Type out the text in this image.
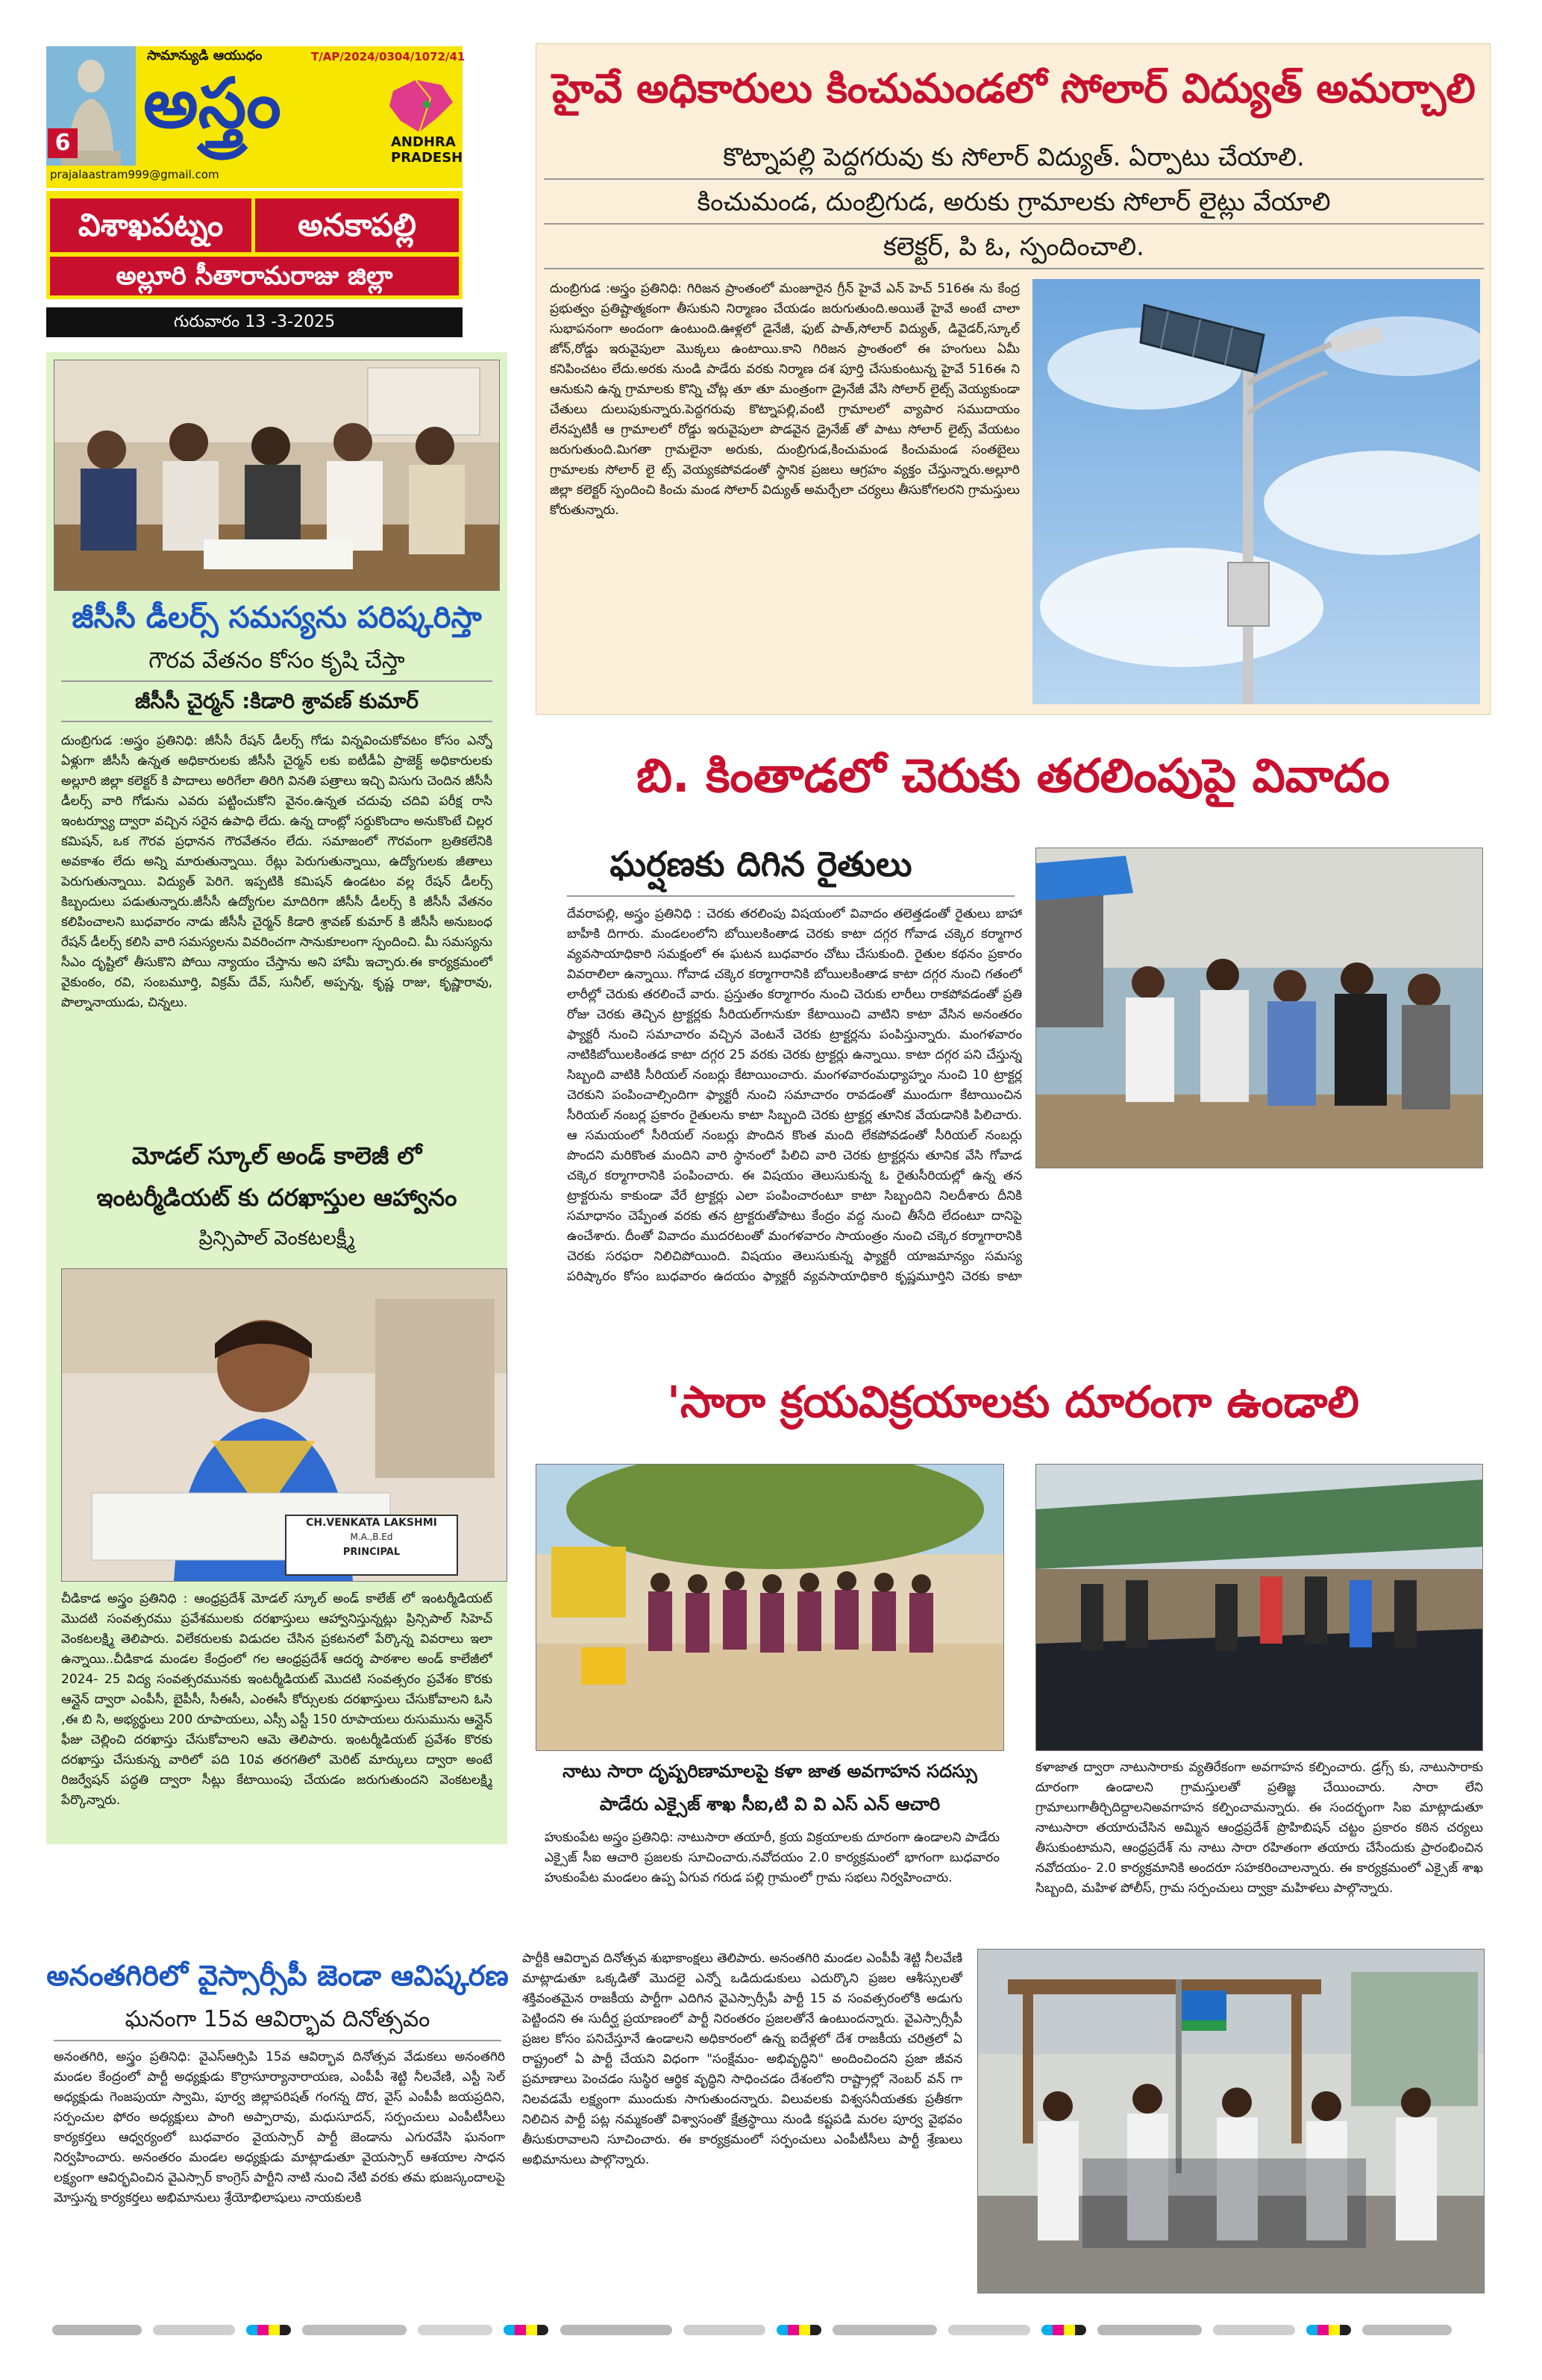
సామాన్యుడి ఆయుధం	T/AP/2024/0304/1072/41
అస్త్రం	ANDHRA PRADESH
6
prajalaastram999@gmail.com
విశాఖపట్నం	అనకాపల్లి
అల్లూరి సీతారామరాజు జిల్లా
గురువారం 13 -3-2025
హైవే అధికారులు కించుమండలో సోలార్ విద్యుత్ అమర్చాలి
కొట్నాపల్లి పెద్దగరువు కు సోలార్ విద్యుత్. ఏర్పాటు చేయాలి.
కించుమండ, దుంబ్రిగుడ, అరుకు గ్రామాలకు సోలార్ లైట్లు వేయాలి
కలెక్టర్, పి ఓ, స్పందించాలి.
దుంబ్రిగుడ :అస్త్రం ప్రతినిధి: గిరిజన ప్రాంతంలో మంజూరైన గ్రీన్ హైవే ఎన్ హెచ్ 516ఈ ను కేంద్ర ప్రభుత్వం ప్రతిష్టాత్మకంగా తీసుకుని నిర్మాణం చేయడం జరుగుతుంది.అయితే హైవే అంటే చాలా సుభాపనంగా అందంగా ఉంటుంది.ఊళ్లలో డైనేజీ, ఫుట్ పాత్,సోలార్ విద్యుత్, డివైడర్,స్కూల్ జోన్,రోడ్డు ఇరువైపులా మొక్కలు ఉంటాయి.కాని గిరిజన ప్రాంతంలో ఈ హంగులు ఏమీ కనిపించటం లేదు.అరకు నుండి పాడేరు వరకు నిర్మాణ దశ పూర్తి చేసుకుంటున్న హైవే 516ఈ ని ఆనుకుని ఉన్న గ్రామాలకు కొన్ని చోట్ల తూ తూ మంత్రంగా డ్రైనేజీ వేసి సోలార్ లైట్స్ వెయ్యకుండా చేతులు దులుపుకున్నారు.పెద్దగరువు కొట్నాపల్లి,వంటి గ్రామాలలో వ్యాపార సముదాయం లేనప్పటికీ ఆ గ్రామాలలో రోడ్డు ఇరువైపులా పొడవైన డ్రైనేజ్ తో పాటు సోలార్ లైట్స్ వేయటం జరుగుతుంది.మిగతా గ్రామలైనా అరుకు, దుంబ్రిగుడ,కించుమండ కించుమండ సంతబైలు గ్రామాలకు సోలార్ లై ట్స్ వెయ్యకపోవడంతో స్థానిక ప్రజలు ఆగ్రహం వ్యక్తం చేస్తున్నారు.అల్లూరి జిల్లా కలెక్టర్ స్పందించి కించు మండ సోలార్ విద్యుత్ అమర్చేలా చర్యలు తీసుకోగలరని గ్రామస్తులు కోరుతున్నారు.
జీసీసీ డీలర్స్ సమస్యను పరిష్కరిస్తా
గౌరవ వేతనం కోసం కృషి చేస్తా
జీసీసీ చైర్మన్ :కిడారి శ్రావణ్ కుమార్
దుంబ్రిగుడ :అస్త్రం ప్రతినిధి: జీసీసీ రేషన్ డీలర్స్ గోడు విన్నవించుకోవటం కోసం ఎన్నో ఏళ్లుగా జీసీసీ ఉన్నత అధికారులకు జీసీసీ చైర్మన్ లకు ఐటీడీఏ ప్రాజెక్ట్ అధికారులకు అల్లూరి జిల్లా కలెక్టర్ కి పాదాలు అరిగేలా తిరిగి వినతి పత్రాలు ఇచ్చి విసుగు చెందిన జీసీసీ డీలర్స్ వారి గోడును ఎవరు పట్టించుకోని వైనం.ఉన్నత చదువు చదివి పరీక్ష రాసి ఇంటర్వ్యూ ద్వారా వచ్చిన సరైన ఉపాధి లేదు. ఉన్న దాంట్లో సర్దుకొందాం అనుకొంటే చిల్లర కమిషన్, ఒక గౌరవ ప్రధానన గౌరవేతనం లేదు. సమాజంలో గౌరవంగా బ్రతికలేనికి అవకాశం లేదు అన్ని మారుతున్నాయి. రేట్లు పెరుగుతున్నాయి, ఉద్యోగులకు జీతాలు పెరుగుతున్నాయి. విద్యుత్ పెరిగె. ఇప్పటికి కమిషన్ ఉండటం వల్ల రేషన్ డీలర్స్ కిబ్బందులు పడుతున్నారు.జీసీసీ ఉద్యోగుల మాదిరిగా జీసీసీ డీలర్స్ కి జీసీసీ వేతనం కలిపించాలని బుధవారం నాడు జీసీసీ చైర్మన్ కిడారి శ్రావణ్ కుమార్ కి జీసీసీ అనుబంధ రేషన్ డీలర్స్ కలిసి వారి సమస్యలను వివరించగా సానుకూలంగా స్పందించి. మీ సమస్యను సీఎం దృష్టిలో తీసుకొని పోయి న్యాయం చేస్తాను అని హామీ ఇచ్చారు.ఈ కార్యక్రమంలో వైకుంఠం, రవి, సంబమూర్తి, విక్రమ్ దేవ్, సునీల్, అప్పన్న, కృష్ణ రాజు, కృష్ణారావు, పొల్నానాయుడు, చిన్నలు.
మోడల్ స్కూల్ అండ్ కాలెజీ లో
ఇంటర్మీడియట్ కు దరఖాస్తుల ఆహ్వానం
ప్రిన్సిపాల్ వెంకటలక్ష్మీ
CH.VENKATA LAKSHMI
M.A.,B.Ed
PRINCIPAL
చీడికాడ అస్త్రం ప్రతినిధి : ఆంధ్రప్రదేశ్ మోడల్ స్కూల్ అండ్ కాలేజ్ లో ఇంటర్మీడియట్ మొదటి సంవత్సరము ప్రవేశములకు దరఖాస్తులు ఆహ్వానిస్తున్నట్లు ప్రిన్సిపాల్ సిహెచ్ వెంకటలక్ష్మి తెలిపారు. విలేకరులకు విడుదల చేసిన ప్రకటనలో పేర్కొన్న వివరాలు ఇలా ఉన్నాయి..చీడికాడ మండల కేంద్రంలో గల ఆంధ్రప్రదేశ్ ఆదర్శ పాఠశాల అండ్ కాలేజీలో 2024- 25 విద్య సంవత్సరమునకు ఇంటర్మీడియట్ మొదటి సంవత్సరం ప్రవేశం కొరకు ఆన్లైన్ ద్వారా ఎంపీసీ, బైపీసీ, సీఈసీ, ఎంఈసీ కోర్సులకు దరఖాస్తులు చేసుకోవాలని ఓసి ,ఈ బి సి, అభ్యర్థులు 200 రూపాయలు, ఎస్సీ ఎస్టీ 150 రూపాయలు రుసుమును ఆన్లైన్ ఫీజు చెల్లించి దరఖాస్తు చేసుకోవాలని ఆమె తెలిపారు. ఇంటర్మీడియట్ ప్రవేశం కొరకు దరఖాస్తు చేసుకున్న వారిలో పది 10వ తరగతిలో మెరిట్ మార్కులు ద్వారా అంటే రిజర్వేషన్ పద్ధతి ద్వారా సీట్లు కేటాయింపు చేయడం జరుగుతుందని వెంకటలక్ష్మి పేర్కొన్నారు.
బి. కింతాడలో చెరుకు తరలింపుపై వివాదం
ఘర్షణకు దిగిన రైతులు
దేవరాపల్లి, అస్త్రం ప్రతినిధి : చెరకు తరలింపు విషయంలో వివాదం తలెత్తడంతో రైతులు బాహా బాహీకి దిగారు. మండలంలోని బోయిలకింతాడ చెరకు కాటా దగ్గర గోవాడ చక్కెర కర్మాగార వ్యవసాయాధికారి సమక్షంలో ఈ ఘటన బుధవారం చోటు చేసుకుంది. రైతుల కథనం ప్రకారం వివరాలిలా ఉన్నాయి. గోవాడ చక్కెర కర్మాగారానికి బోయిలకింతాడ కాటా దగ్గర నుంచి గతంలో లారీల్లో చెరుకు తరలించే వారు. ప్రస్తుతం కర్మాగారం నుంచి చెరుకు లారీలు రాకపోవడంతో ప్రతి రోజు చెరకు తెచ్చిన ట్రాక్టర్లకు సీరియల్‌గానుకూ కేటాయించి వాటిని కాటా వేసిన అనంతరం ఫ్యాక్టరీ నుంచి సమాచారం వచ్చిన వెంటనే చెరకు ట్రాక్టర్లను పంపిస్తున్నారు. మంగళవారం నాటికిబోయిలకింతడ కాటా దగ్గర 25 వరకు చెరకు ట్రాక్టర్లు ఉన్నాయి. కాటా దగ్గర పని చేస్తున్న సిబ్బంది వాటికి సీరియల్ నంబర్లు కేటాయించారు. మంగళవారంమధ్యాహ్నం నుంచి 10 ట్రాక్టర్ల చెరకుని పంపించాల్సిందిగా ఫ్యాక్టరీ నుంచి సమాచారం రావడంతో ముందుగా కేటాయించిన సీరియల్ నంబర్ల ప్రకారం రైతులను కాటా సిబ్బంది చెరకు ట్రాక్టర్ల తూనిక వేయడానికి పిలిచారు. ఆ సమయంలో సీరియల్ నంబర్లు పొందిన కొంత మంది లేకపోవడంతో సీరియల్ నంబర్లు పొందని మరికొంత మందిని వారి స్థానంలో పిలిచి వారి చెరకు ట్రాక్టర్లను తూనిక వేసి గోవాడ చక్కెర కర్మాగారానికి పంపించారు. ఈ విషయం తెలుసుకున్న ఓ రైతుసీరియల్లో ఉన్న తన ట్రాక్టరును కాకుండా వేరే ట్రాక్టర్లు ఎలా పంపించారంటూ కాటా సిబ్బందిని నిలదీశారు దీనికి సమాధానం చెప్పేంత వరకు తన ట్రాక్టరుతోపాటు కేంద్రం వద్ద నుంచి తీసేది లేదంటూ దానిపై ఉంచేశారు. దీంతో వివాదం ముదరటంతో మంగళవారం సాయంత్రం నుంచి చక్కెర కర్మాగారానికి చెరకు సరఫరా నిలిచిపోయింది. విషయం తెలుసుకున్న ఫ్యాక్టరీ యాజమాన్యం సమస్య పరిష్కారం కోసం బుధవారం ఉదయం ఫ్యాక్టరీ వ్యవసాయాధికారి కృష్ణమూర్తిని చెరకు కాటా
'సారా క్రయవిక్రయాలకు దూరంగా ఉండాలి
నాటు సారా దృష్పరిణామాలపై కళా జాత అవగాహన సదస్సు
పాడేరు ఎక్సైజ్ శాఖ సీఐ,టి వి వి ఎస్ ఎన్ ఆచారి
హుకుంపేట అస్త్రం ప్రతినిధి: నాటుసారా తయారీ, క్రయ విక్రయాలకు దూరంగా ఉండాలని పాడేరు ఎక్సైజ్ సీఐ ఆచారి ప్రజలకు సూచించారు.నవోదయం 2.0 కార్యక్రమంలో భాగంగా బుధవారం హుకుంపేట మండలం ఉప్ప ఏగువ గరుడ పల్లి గ్రామంలో గ్రామ సభలు నిర్వహించారు.
కళాజాత ద్వారా నాటుసారాకు వ్యతిరేకంగా అవగాహన కల్పించారు. డ్రగ్స్ కు, నాటుసారాకు దూరంగా ఉండాలని గ్రామస్తులతో ప్రతిజ్ఞ చేయించారు. సారా లేని గ్రామాలుగాతీర్చిదిద్దాలనిఅవగాహన కల్పించామన్నారు. ఈ సందర్భంగా సిఐ మాట్లాడుతూ నాటుసారా తయారుచేసిన అమ్మిన ఆంధ్రప్రదేశ్ ప్రొహిబిషన్ చట్టం ప్రకారం కఠిన చర్యలు తీసుకుంటామని, ఆంధ్రప్రదేశ్ ను నాటు సారా రహితంగా తయారు చేసేందుకు ప్రారంభించిన నవోదయం- 2.0 కార్యక్రమానికి అందరూ సహకరించాలన్నారు. ఈ కార్యక్రమంలో ఎక్సైజ్ శాఖ సిబ్బంది, మహిళ పోలీస్, గ్రామ సర్పంచులు ద్వాక్రా మహిళలు పాల్గొన్నారు.
అనంతగిరిలో వైస్సార్సీపీ జెండా ఆవిష్కరణ
ఘనంగా 15వ ఆవిర్భావ దినోత్సవం
అనంతగిరి, అస్త్రం ప్రతినిధి: వైఎస్ఆర్సిపి 15వ ఆవిర్భావ దినోత్సవ వేడుకలు అనంతగిరి మండల కేంద్రంలో పార్టీ అధ్యక్షుడు కొర్రాసూర్యానారాయణ, ఎంపీపీ శెట్టి నీలవేణి, ఎస్టీ సెల్ అధ్యక్షుడు గెంజపుయా స్వామి, పూర్వ జిల్లాపరిషత్ గంగన్న దొర, వైస్ ఎంపీపీ జయప్రదిని, సర్పంచుల ఫోరం అధ్యక్షులు పాంగి అప్పారావు, మధుసూదన్, సర్పంచులు ఎంపీటీసీలు కార్యకర్తలు ఆధ్వర్యంలో బుధవారం వైయస్సార్ పార్టీ జెండాను ఎగురవేసి ఘనంగా నిర్వహించారు. అనంతరం మండల అధ్యక్షుడు మాట్లాడుతూ వైయస్సార్ ఆశయాల సాధన లక్ష్యంగా ఆవిర్భవించిన వైఎస్సార్ కాంగ్రెస్ పార్టీని నాటి నుంచి నేటి వరకు తమ భుజస్కందాలపై మోస్తున్న కార్యకర్తలు అభిమానులు శ్రేయోభిలాషులు నాయకులకి
పార్టీకి ఆవిర్భావ దినోత్సవ శుభాకాంక్షలు తెలిపారు. అనంతగిరి మండల ఎంపీపీ శెట్టి నీలవేణి మాట్లాడుతూ ఒక్కడితో మొదలై ఎన్నో ఒడిదుడుకులు ఎదుర్కొని ప్రజల ఆశీస్సులతో శక్తివంతమైన రాజకీయ పార్టీగా ఎదిగిన వైఎస్సార్సీపీ పార్టీ 15 వ సంవత్సరంలోకి అడుగు పెట్టిందని ఈ సుదీర్ఘ ప్రయాణంలో పార్టీ నిరంతరం ప్రజలతోనే ఉంటుందన్నారు. వైఎస్సార్సీపీ ప్రజల కోసం పనిచేస్తూనే ఉండాలని అధికారంలో ఉన్న ఐదేళ్లలో దేశ రాజకీయ చరిత్రలో ఏ రాష్ట్రంలో ఏ పార్టీ చేయని విధంగా "సంక్షేమం- అభివృద్ధిని" అందించిందని ప్రజా జీవన ప్రమాణాలు పెంచడం సుస్థిర ఆర్థిక వృద్ధిని సాధించడం దేశంలోని రాష్ట్రాల్లో నెంబర్ వన్ గా నిలవడమే లక్ష్యంగా ముందుకు సాగుతుందన్నారు. విలువలకు విశ్వసనీయతకు ప్రతీకగా నిలిచిన పార్టీ పట్ల నమ్మకంతో విశ్వాసంతో క్షేత్రస్థాయి నుండి కష్టపడి మరల పూర్వ వైభవం తీసుకురావాలని సూచించారు. ఈ కార్యక్రమంలో సర్పంచులు ఎంపీటీసీలు పార్టీ శ్రేణులు అభిమానులు పాల్గొన్నారు.
